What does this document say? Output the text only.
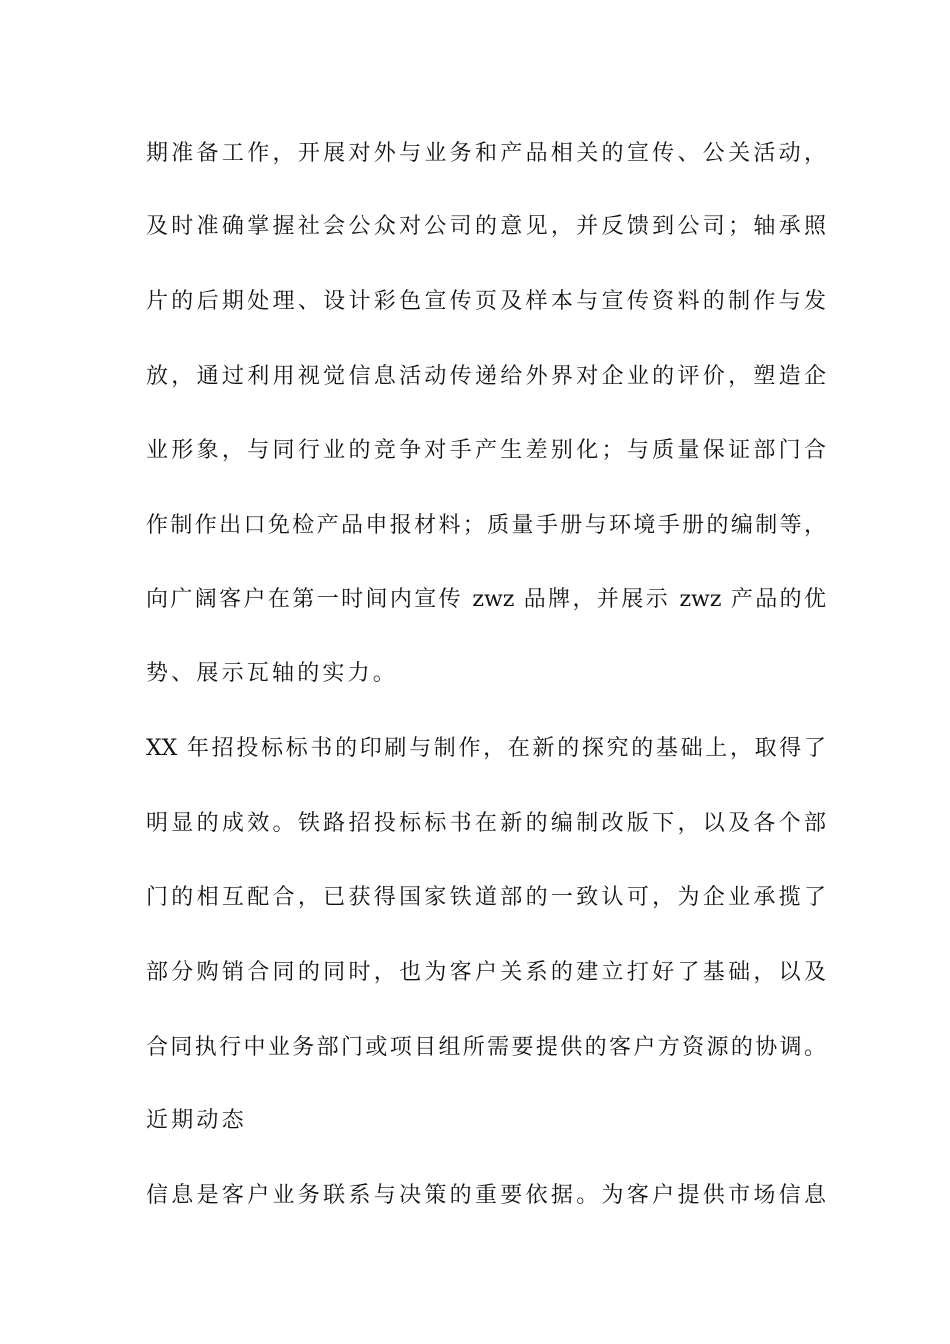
期准备工作，开展对外与业务和产品相关的宣传、公关活动，
及时准确掌握社会公众对公司的意见，并反馈到公司；轴承照
片的后期处理、设计彩色宣传页及样本与宣传资料的制作与发
放，通过利用视觉信息活动传递给外界对企业的评价，塑造企
业形象，与同行业的竞争对手产生差别化；与质量保证部门合
作制作出口免检产品申报材料；质量手册与环境手册的编制等，
向广阔客户在第一时间内宣传 zwz 品牌，并展示 zwz 产品的优
势、展示瓦轴的实力。
XX 年招投标标书的印刷与制作，在新的探究的基础上，取得了
明显的成效。铁路招投标标书在新的编制改版下，以及各个部
门的相互配合，已获得国家铁道部的一致认可，为企业承揽了
部分购销合同的同时，也为客户关系的建立打好了基础，以及
合同执行中业务部门或项目组所需要提供的客户方资源的协调。
近期动态
信息是客户业务联系与决策的重要依据。为客户提供市场信息
